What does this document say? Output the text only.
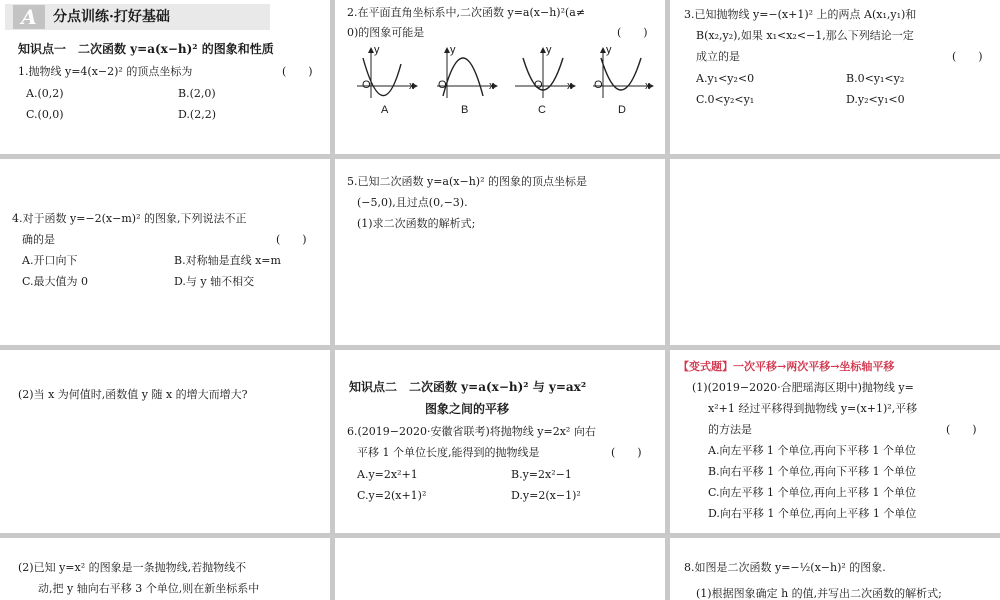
A	分点训练·打好基础
知识点一　二次函数 y=a(x−h)² 的图象和性质
1.抛物线 y=4(x−2)² 的顶点坐标为	(　　)
A.(0,2)	B.(2,0)
C.(0,0)	D.(2,2)
2.在平面直角坐标系中,二次函数 y=a(x−h)²(a≠
0)的图象可能是	(　　)
y
O	x
y
O	x
y
O x
y
O	x
A	B	C	D
3.已知抛物线 y=−(x+1)² 上的两点 A(x₁,y₁)和
B(x₂,y₂),如果 x₁<x₂<−1,那么下列结论一定
成立的是	(　　)
A.y₁<y₂<0	B.0<y₁<y₂
C.0<y₂<y₁	D.y₂<y₁<0
4.对于函数 y=−2(x−m)² 的图象,下列说法不正
确的是	(　　)
A.开口向下	B.对称轴是直线 x=m
C.最大值为 0	D.与 y 轴不相交
5.已知二次函数 y=a(x−h)² 的图象的顶点坐标是
(−5,0),且过点(0,−3).
(1)求二次函数的解析式;
(2)当 x 为何值时,函数值 y 随 x 的增大而增大?
知识点二　二次函数 y=a(x−h)² 与 y=ax²
图象之间的平移
6.(2019−2020·安徽省联考)将抛物线 y=2x² 向右
平移 1 个单位长度,能得到的抛物线是	(　　)
A.y=2x²+1	B.y=2x²−1
C.y=2(x+1)²	D.y=2(x−1)²
【变式题】一次平移→两次平移→坐标轴平移
(1)(2019−2020·合肥瑶海区期中)抛物线 y=
x²+1 经过平移得到抛物线 y=(x+1)²,平移
的方法是	(　　)
A.向左平移 1 个单位,再向下平移 1 个单位
B.向右平移 1 个单位,再向下平移 1 个单位
C.向左平移 1 个单位,再向上平移 1 个单位
D.向右平移 1 个单位,再向上平移 1 个单位
(2)已知 y=x² 的图象是一条抛物线,若抛物线不
动,把 y 轴向右平移 3 个单位,则在新坐标系中
8.如图是二次函数 y=−½(x−h)² 的图象.
(1)根据图象确定 h 的值,并写出二次函数的解析式;
